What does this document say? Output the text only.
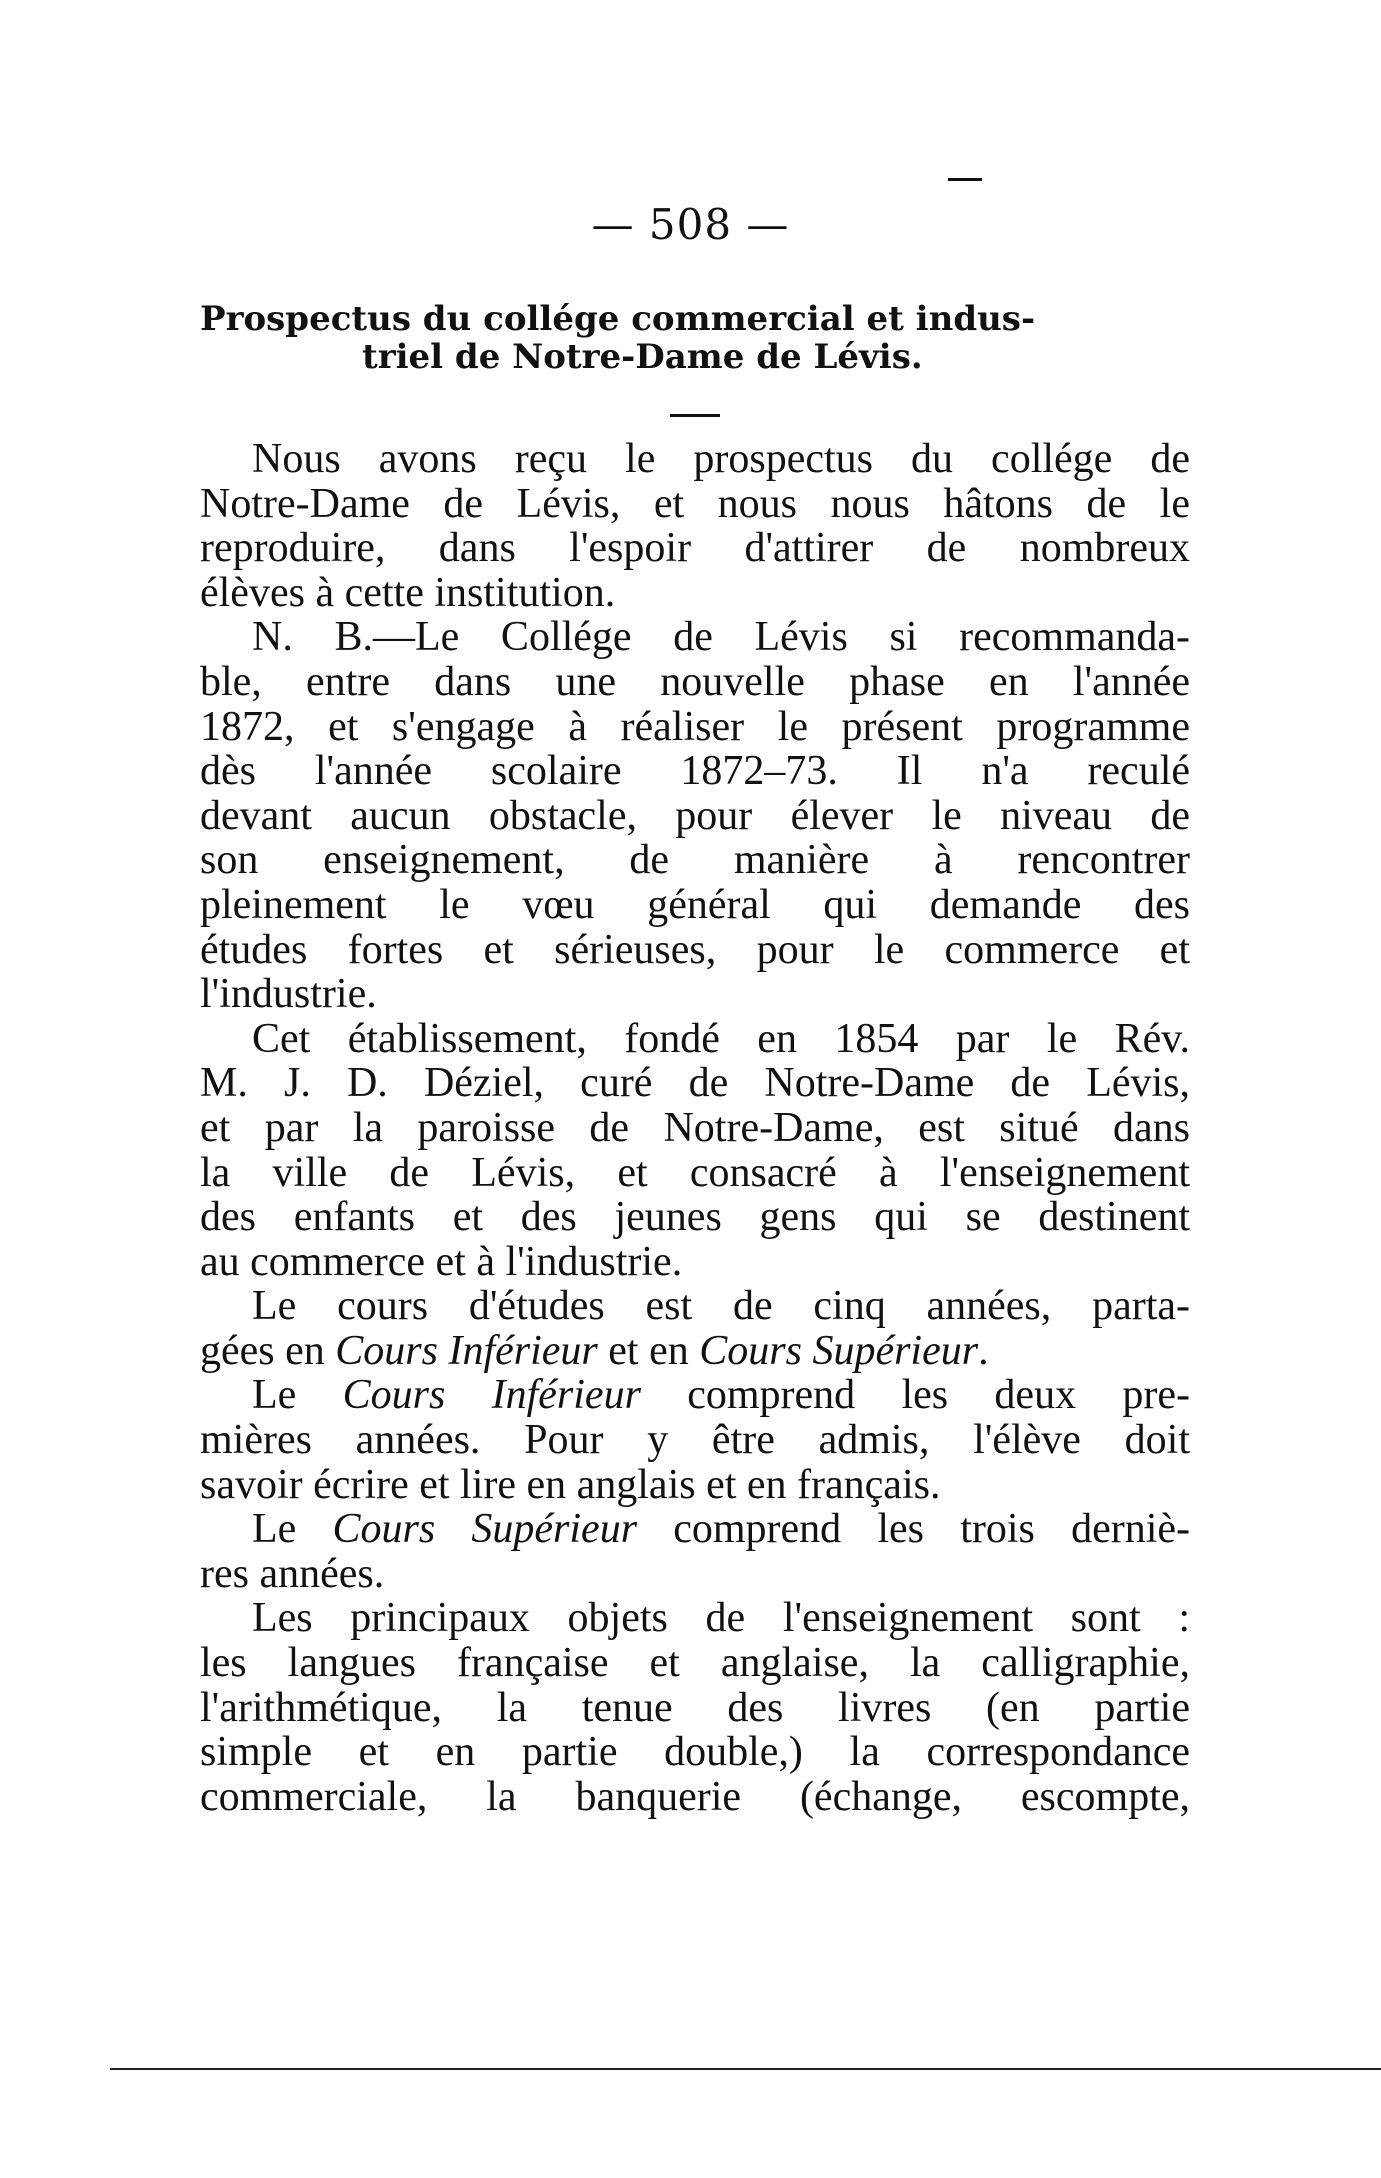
— 508 —
Prospectus du collége commercial et indus-
triel de Notre-Dame de Lévis.
Nous avons reçu le prospectus du collége de
Notre-Dame de Lévis, et nous nous hâtons de le
reproduire, dans l'espoir d'attirer de nombreux
élèves à cette institution.
N. B.—Le Collége de Lévis si recommanda-
ble, entre dans une nouvelle phase en l'année
1872, et s'engage à réaliser le présent programme
dès l'année scolaire 1872–73. Il n'a reculé
devant aucun obstacle, pour élever le niveau de
son enseignement, de manière à rencontrer
pleinement le vœu général qui demande des
études fortes et sérieuses, pour le commerce et
l'industrie.
Cet établissement, fondé en 1854 par le Rév.
M. J. D. Déziel, curé de Notre-Dame de Lévis,
et par la paroisse de Notre-Dame, est situé dans
la ville de Lévis, et consacré à l'enseignement
des enfants et des jeunes gens qui se destinent
au commerce et à l'industrie.
Le cours d'études est de cinq années, parta-
gées en Cours Inférieur et en Cours Supérieur.
Le Cours Inférieur comprend les deux pre-
mières années. Pour y être admis, l'élève doit
savoir écrire et lire en anglais et en français.
Le Cours Supérieur comprend les trois derniè-
res années.
Les principaux objets de l'enseignement sont :
les langues française et anglaise, la calligraphie,
l'arithmétique, la tenue des livres (en partie
simple et en partie double,) la correspondance
commerciale, la banquerie (échange, escompte,
